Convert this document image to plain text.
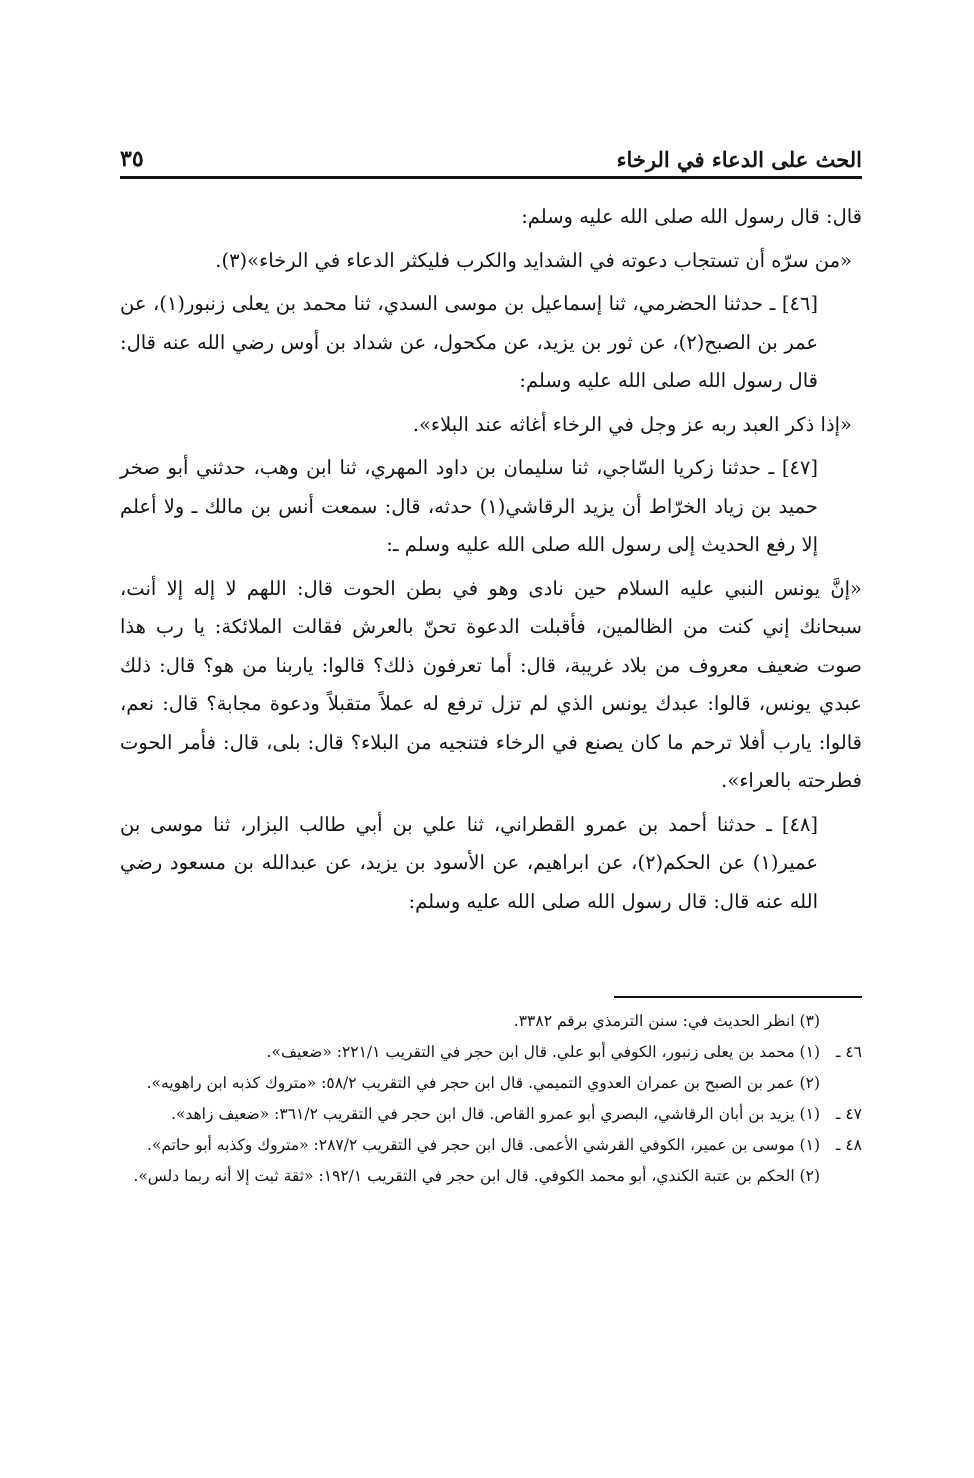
الحث على الدعاء في الرخاء
٣٥

قال: قال رسول الله صلى الله عليه وسلم:

«من سرّه أن تستجاب دعوته في الشدايد والكرب فليكثر الدعاء في الرخاء»(٣).

[٤٦] ـ حدثنا الحضرمي، ثنا إسماعيل بن موسى السدي، ثنا محمد بن يعلى زنبور(١)، عن عمر بن الصبح(٢)، عن ثور بن يزيد، عن مكحول، عن شداد بن أوس رضي الله عنه قال: قال رسول الله صلى الله عليه وسلم:

«إذا ذكر العبد ربه عز وجل في الرخاء أغاثه عند البلاء».

[٤٧] ـ حدثنا زكريا السّاجي، ثنا سليمان بن داود المهري، ثنا ابن وهب، حدثني أبو صخر حميد بن زياد الخرّاط أن يزيد الرقاشي(١) حدثه، قال: سمعت أنس بن مالك ـ ولا أعلم إلا رفع الحديث إلى رسول الله صلى الله عليه وسلم ـ:

«إنَّ يونس النبي عليه السلام حين نادى وهو في بطن الحوت قال: اللهم لا إله إلا أنت، سبحانك إني كنت من الظالمين، فأقبلت الدعوة تحنّ بالعرش فقالت الملائكة: يا رب هذا صوت ضعيف معروف من بلاد غريبة، قال: أما تعرفون ذلك؟ قالوا: ياربنا من هو؟ قال: ذلك عبدي يونس، قالوا: عبدك يونس الذي لم تزل ترفع له عملاً متقبلاً ودعوة مجابة؟ قال: نعم، قالوا: يارب أفلا ترحم ما كان يصنع في الرخاء فتنجيه من البلاء؟ قال: بلى، قال: فأمر الحوت فطرحته بالعراء».

[٤٨] ـ حدثنا أحمد بن عمرو القطراني، ثنا علي بن أبي طالب البزار، ثنا موسى بن عمير(١) عن الحكم(٢)، عن ابراهيم، عن الأسود بن يزيد، عن عبدالله بن مسعود رضي الله عنه قال: قال رسول الله صلى الله عليه وسلم:

(٣) انظر الحديث في: سنن الترمذي برقم ٣٣٨٢.
٤٦ ـ
(١) محمد بن يعلى زنبور، الكوفي أبو علي. قال ابن حجر في التقريب ٢٢١/١: «ضعيف».
(٢) عمر بن الصبح بن عمران العدوي التميمي. قال ابن حجر في التقريب ٥٨/٢: «متروك كذبه ابن راهويه».
٤٧ ـ
(١) يزيد بن أبان الرقاشي، البصري أبو عمرو القاص. قال ابن حجر في التقريب ٣٦١/٢: «ضعيف زاهد».
٤٨ ـ
(١) موسى بن عمير، الكوفي القرشي الأعمى. قال ابن حجر في التقريب ٢٨٧/٢: «متروك وكذبه أبو حاتم».
(٢) الحكم بن عتبة الكندي، أبو محمد الكوفي. قال ابن حجر في التقريب ١٩٢/١: «ثقة ثبت إلا أنه ربما دلس».
